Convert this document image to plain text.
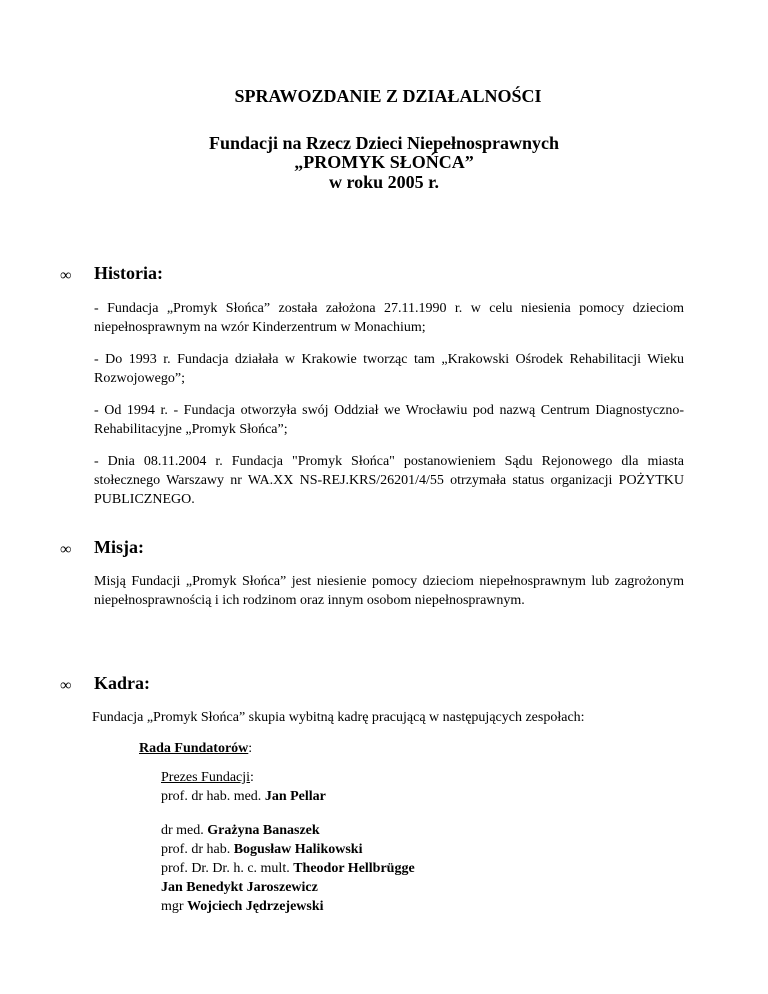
SPRAWOZDANIE Z DZIAŁALNOŚCI
Fundacji na Rzecz Dzieci Niepełnosprawnych
„PROMYK SŁOŃCA”
w roku 2005 r.
∞ Historia:
- Fundacja „Promyk Słońca” została założona 27.11.1990 r. w celu niesienia pomocy dzieciom niepełnosprawnym na wzór Kinderzentrum w Monachium;
- Do 1993 r. Fundacja działała w Krakowie tworząc tam „Krakowski Ośrodek Rehabilitacji Wieku Rozwojowego”;
- Od 1994 r. - Fundacja otworzyła swój Oddział we Wrocławiu pod nazwą Centrum Diagnostyczno-Rehabilitacyjne „Promyk Słońca”;
- Dnia 08.11.2004 r. Fundacja "Promyk Słońca" postanowieniem Sądu Rejonowego dla miasta stołecznego Warszawy nr WA.XX NS-REJ.KRS/26201/4/55 otrzymała status organizacji POŻYTKU PUBLICZNEGO.
∞ Misja:
Misją Fundacji „Promyk Słońca” jest niesienie pomocy dzieciom niepełnosprawnym lub zagrożonym niepełnosprawnością i ich rodzinom oraz innym osobom niepełnosprawnym.
∞ Kadra:
Fundacja „Promyk Słońca” skupia wybitną kadrę pracującą w następujących zespołach:
Rada Fundatorów:
Prezes Fundacji:
prof. dr hab. med. Jan Pellar
dr med. Grażyna Banaszek
prof. dr hab. Bogusław Halikowski
prof. Dr. Dr. h. c. mult. Theodor Hellbrügge
Jan Benedykt Jaroszewicz
mgr Wojciech Jędrzejewski
